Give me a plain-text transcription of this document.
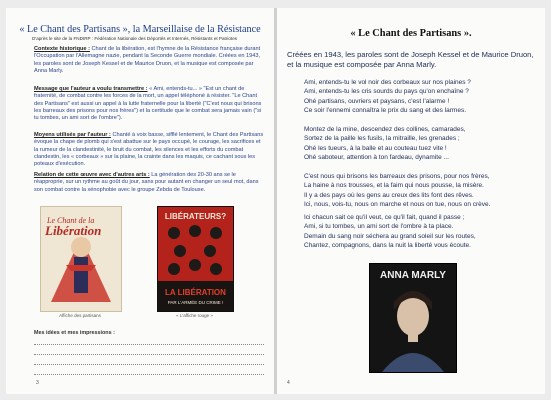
« Le Chant des Partisans », la Marseillaise de la Résistance
D'après le site de la FNDIRP : Fédération Nationale des Déportés et Internés, Résistants et Patriotes
Contexte historique : Chant de la libération, est l'hymne de la Résistance française durant l'Occupation par l'Allemagne nazie, pendant la Seconde Guerre mondiale. Créées en 1943, les paroles sont de Joseph Kessel et de Maurice Druon, et la musique est composée par Anna Marly.
Message que l'auteur a voulu transmettre : « Ami, entends-tu... » "Est un chant de fraternité, de combat contre les forces de la mort, un appel téléphoné à résister. "Le Chant des Partisans" est aussi un appel à la lutte fraternelle pour la liberté ("C'est nous qui brisons les barreaux des prisons pour nos frères") et la certitude que le combat sera jamais vain ("si tu tombes, un ami sort de l'ombre").
Moyens utilisés par l'auteur : Chanté à voix basse, sifflé lentement, le Chant des Partisans évoque la chape de plomb qui s'est abattue sur le pays occupé, le courage, les sacrifices et la rumeur de la clandestinité, le bruit du combat, les silences et les efforts du combat clandestin, les « corbeaux » sur la plaine, la crainte dans les maquis, ce cachant sous les poteaux d'exécution.
Relation de cette œuvre avec d'autres arts : La génération des 20-30 ans se le réapproprie, sur un rythme au goût du jour, sans pour autant en changer un seul mot, dans son combat contre la xénophobie avec le groupe Zebda de Toulouse.
Le Chant de la
Libération
LIBÉRATEURS?
LA LIBÉRATION
PAR L'ARMÉE DU CRIME !
Affiche des partisans	« L'affiche rouge »
Mes idées et mes impressions :
3
« Le Chant des Partisans ».
Créées en 1943, les paroles sont de Joseph Kessel et de Maurice Druon, et la musique est composée par Anna Marly.
Ami, entends-tu le vol noir des corbeaux sur nos plaines ?
Ami, entends-tu les cris sourds du pays qu'on enchaîne ?
Ohé partisans, ouvriers et paysans, c'est l'alarme !
Ce soir l'ennemi connaîtra le prix du sang et des larmes.
Montez de la mine, descendez des collines, camarades,
Sortez de la paille les fusils, la mitraille, les grenades ;
Ohé les tueurs, à la balle et au couteau tuez vite !
Ohé saboteur, attention à ton fardeau, dynamite ...
C'est nous qui brisons les barreaux des prisons, pour nos frères,
La haine à nos trousses, et la faim qui nous pousse, la misère.
Il y a des pays où les gens au creux des lits font des rêves.
Ici, nous, vois-tu, nous on marche et nous on tue, nous on crève.
Ici chacun sait ce qu'il veut, ce qu'il fait, quand il passe ;
Ami, si tu tombes, un ami sort de l'ombre à ta place.
Demain du sang noir séchera au grand soleil sur les routes,
Chantez, compagnons, dans la nuit la liberté vous écoute.
ANNA MARLY
4
